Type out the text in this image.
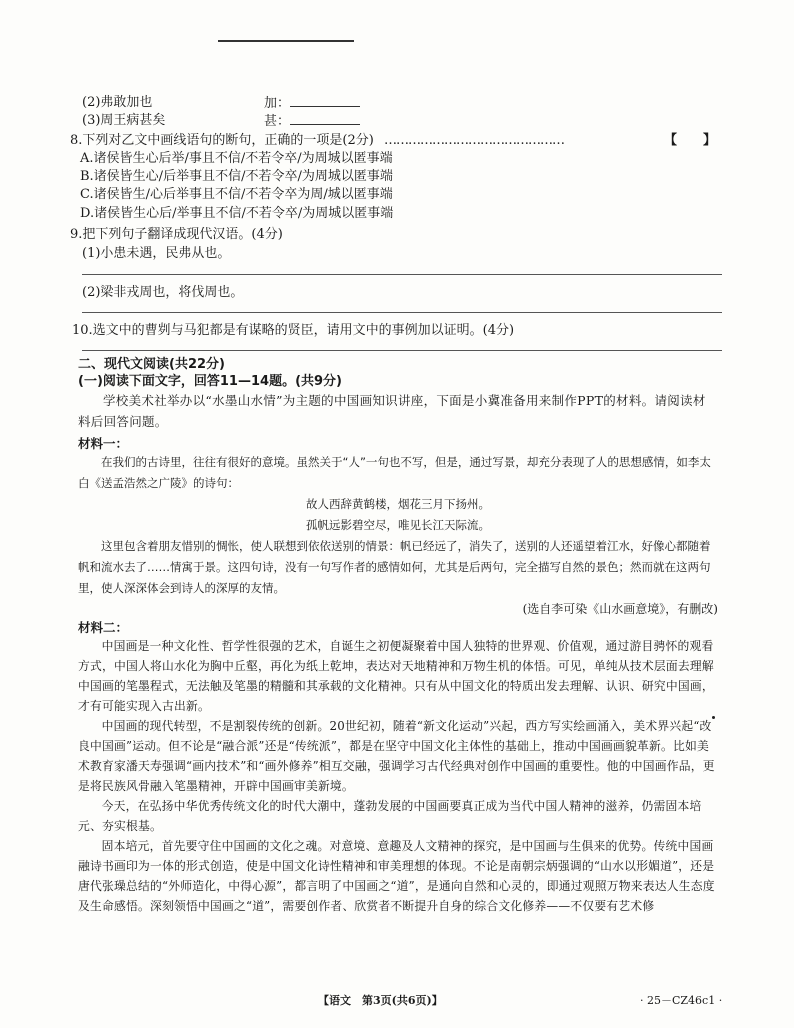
(2)弗敢加也	加：
(3)周王病甚矣	甚：
8.下列对乙文中画线语句的断句，正确的一项是(2分) ………………………………………	【　　】
A.诸侯皆生心后举/事且不信/不若令卒/为周城以匿事端
B.诸侯皆生心/后举事且不信/不若令卒/为周城以匿事端
C.诸侯皆生/心后举事且不信/不若令卒为周/城以匿事端
D.诸侯皆生心后/举事且不信/不若令卒/为周城以匿事端
9.把下列句子翻译成现代汉语。(4分)
(1)小患未遇，民弗从也。
(2)梁非戎周也，将伐周也。
10.选文中的曹刿与马犯都是有谋略的贤臣，请用文中的事例加以证明。(4分)
二、现代文阅读(共22分)
(一)阅读下面文字，回答11—14题。(共9分)
学校美术社举办以“水墨山水情”为主题的中国画知识讲座，下面是小冀准备用来制作PPT的材料。请阅读材料后回答问题。
材料一：

在我们的古诗里，往往有很好的意境。虽然关于“人”一句也不写，但是，通过写景，却充分表现了人的思想感情，如李太白《送孟浩然之广陵》的诗句：

故人西辞黄鹤楼，烟花三月下扬州。

孤帆远影碧空尽，唯见长江天际流。

这里包含着朋友惜别的惆怅，使人联想到依依送别的情景：帆已经远了，消失了，送别的人还遥望着江水，好像心都随着帆和流水去了……情寓于景。这四句诗，没有一句写作者的感情如何，尤其是后两句，完全描写自然的景色；然而就在这两句里，使人深深体会到诗人的深厚的友情。

(选自李可染《山水画意境》，有删改)
材料二：

中国画是一种文化性、哲学性很强的艺术，自诞生之初便凝聚着中国人独特的世界观、价值观，通过游目骋怀的观看方式，中国人将山水化为胸中丘壑，再化为纸上乾坤，表达对天地精神和万物生机的体悟。可见，单纯从技术层面去理解中国画的笔墨程式，无法触及笔墨的精髓和其承载的文化精神。只有从中国文化的特质出发去理解、认识、研究中国画，才有可能实现入古出新。

中国画的现代转型，不是割裂传统的创新。20世纪初，随着“新文化运动”兴起，西方写实绘画涌入，美术界兴起“改良中国画”运动。但不论是“融合派”还是“传统派”，都是在坚守中国文化主体性的基础上，推动中国画画貌革新。比如美术教育家潘天寿强调“画内技术”和“画外修养”相互交融，强调学习古代经典对创作中国画的重要性。他的中国画作品，更是将民族风骨融入笔墨精神，开辟中国画审美新境。

今天，在弘扬中华优秀传统文化的时代大潮中，蓬勃发展的中国画要真正成为当代中国人精神的滋养，仍需固本培元、夯实根基。

固本培元，首先要守住中国画的文化之魂。对意境、意趣及人文精神的探究，是中国画与生俱来的优势。传统中国画融诗书画印为一体的形式创造，使是中国文化诗性精神和审美理想的体现。不论是南朝宗炳强调的“山水以形媚道”，还是唐代张璪总结的“外师造化，中得心源”，都言明了中国画之“道”，是通向自然和心灵的，即通过观照万物来表达人生态度及生命感悟。深刻领悟中国画之“道”，需要创作者、欣赏者不断提升自身的综合文化修养——不仅要有艺术修

【语文　第3页(共6页)】	· 25－CZ46c1 ·
